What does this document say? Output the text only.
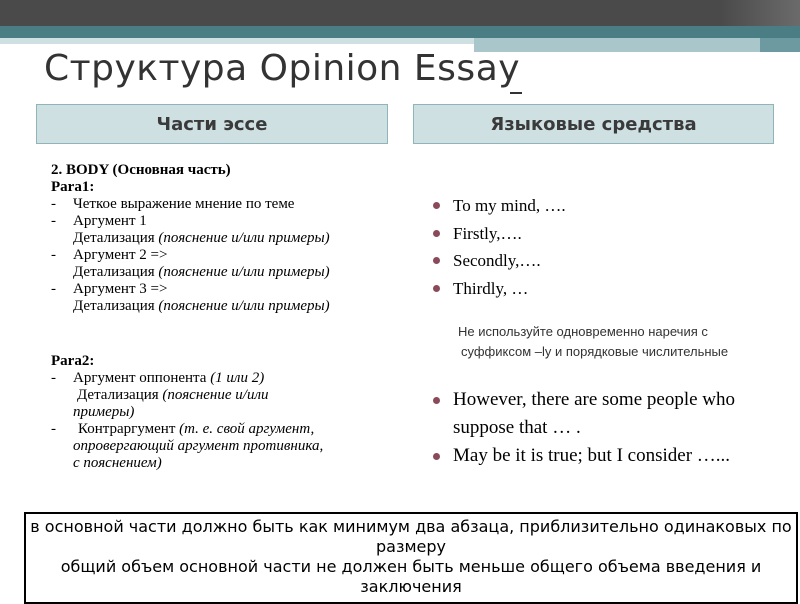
Структура Opinion Essay
Части эссе	Языковые средства
2. BODY (Основная часть)
Para1:
- Четкое выражение мнение по теме
- Аргумент 1
Детализация (пояснение и/или примеры)
- Аргумент 2 =>
Детализация (пояснение и/или примеры)
- Аргумент 3 =>
Детализация (пояснение и/или примеры)
Para2:
- Аргумент оппонента (1 или 2)
Детализация (пояснение и/или
примеры)
- Контраргумент (т. е. свой аргумент,
опровергающий аргумент противника,
с пояснением)
To my mind, ….
Firstly,….
Secondly,….
Thirdly, …
Не используйте одновременно наречия с
суффиксом –ly и порядковые числительные
However, there are some people who suppose that … .
May be it is true; but I consider …...
в основной части должно быть как минимум два абзаца, приблизительно одинаковых по размеру
общий объем основной части не должен быть меньше общего объема введения и заключения
